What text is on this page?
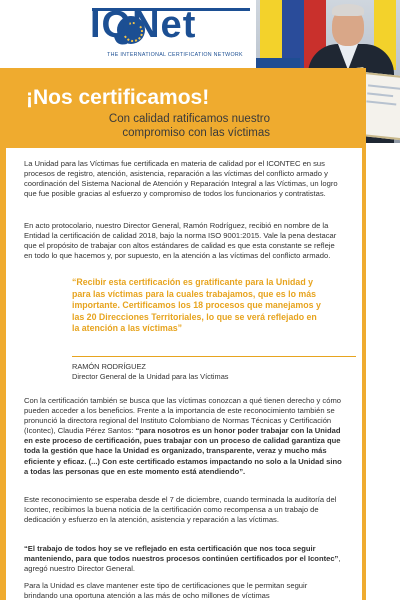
IQNet
THE INTERNATIONAL CERTIFICATION NETWORK
¡Nos certificamos!
Con calidad ratificamos nuestro compromiso con las víctimas

La Unidad para las Víctimas fue certificada en materia de calidad por el ICONTEC en sus procesos de registro, atención, asistencia, reparación a las víctimas del conflicto armado y coordinación del Sistema Nacional de Atención y Reparación Integral a las Víctimas, un logro que fue posible gracias al esfuerzo y compromiso de todos los funcionarios y contratistas.

En acto protocolario, nuestro Director General, Ramón Rodríguez, recibió en nombre de la Entidad la certificación de calidad 2018, bajo la norma ISO 9001:2015. Vale la pena destacar que el propósito de trabajar con altos estándares de calidad es que esta constante se refleje en todo lo que hacemos y, por supuesto, en la atención a las víctimas del conflicto armado.

“Recibir esta certificación es gratificante para la Unidad y para las víctimas para la cuales trabajamos, que es lo más importante. Certificamos los 18 procesos que manejamos y las 20 Direcciones Territoriales, lo que se verá reflejado en la atención a las víctimas”
RAMÓN RODRÍGUEZ
Director General de la Unidad para las Víctimas

Con la certificación también se busca que las víctimas conozcan a qué tienen derecho y cómo pueden acceder a los beneficios. Frente a la importancia de este reconocimiento también se pronunció la directora regional del Instituto Colombiano de Normas Técnicas y Certificación (Icontec), Claudia Pérez Santos: “para nosotros es un honor poder trabajar con la Unidad en este proceso de certificación, pues trabajar con un proceso de calidad garantiza que toda la gestión que hace la Unidad es organizado, transparente, veraz y mucho más eficiente y eficaz. (...) Con este certificado estamos impactando no solo a la Unidad sino a todas las personas que en este momento está atendiendo”.

Este reconocimiento se esperaba desde el 7 de diciembre, cuando terminada la auditoría del Icontec, recibimos la buena noticia de la certificación como recompensa a un trabajo de dedicación y esfuerzo en la atención, asistencia y reparación a las víctimas.

“El trabajo de todos hoy se ve reflejado en esta certificación que nos toca seguir manteniendo, para que todos nuestros procesos continúen certificados por el Icontec”, agregó nuestro Director General.

Para la Unidad es clave mantener este tipo de certificaciones que le permitan seguir brindando una oportuna atención a las más de ocho millones de víctimas
